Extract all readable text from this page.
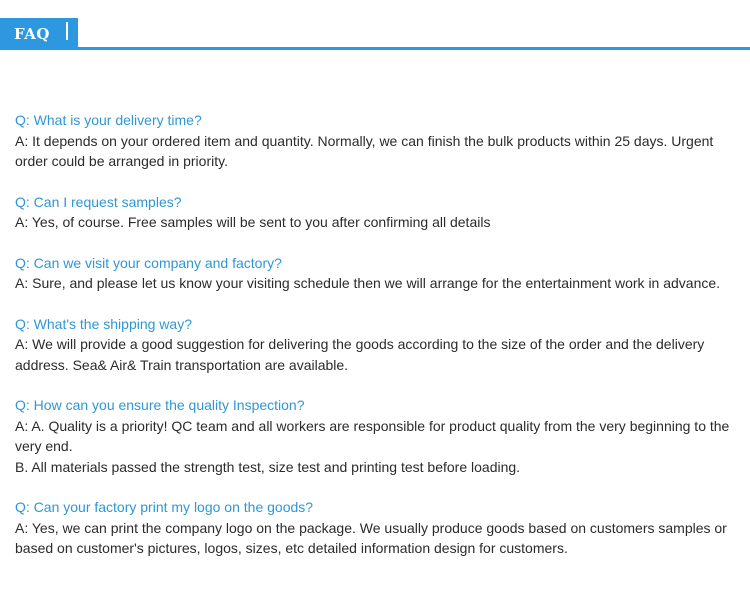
FAQ

Q: What is your delivery time?

A: It depends on your ordered item and quantity. Normally, we can finish the bulk products within 25 days. Urgent order could be arranged in priority.

Q: Can I request samples?

A: Yes, of course. Free samples will be sent to you after confirming all details

Q: Can we visit your company and factory?

A: Sure, and please let us know your visiting schedule then we will arrange for the entertainment work in advance.

Q: What's the shipping way?

A: We will provide a good suggestion for delivering the goods according to the size of the order and the delivery address. Sea& Air& Train transportation are available.

Q: How can you ensure the quality Inspection?

A: A. Quality is a priority! QC team and all workers are responsible for product quality from the very beginning to the very end.

B. All materials passed the strength test, size test and printing test before loading.

Q: Can your factory print my logo on the goods?

A: Yes, we can print the company logo on the package. We usually produce goods based on customers samples or based on customer's pictures, logos, sizes, etc detailed information design for customers.
